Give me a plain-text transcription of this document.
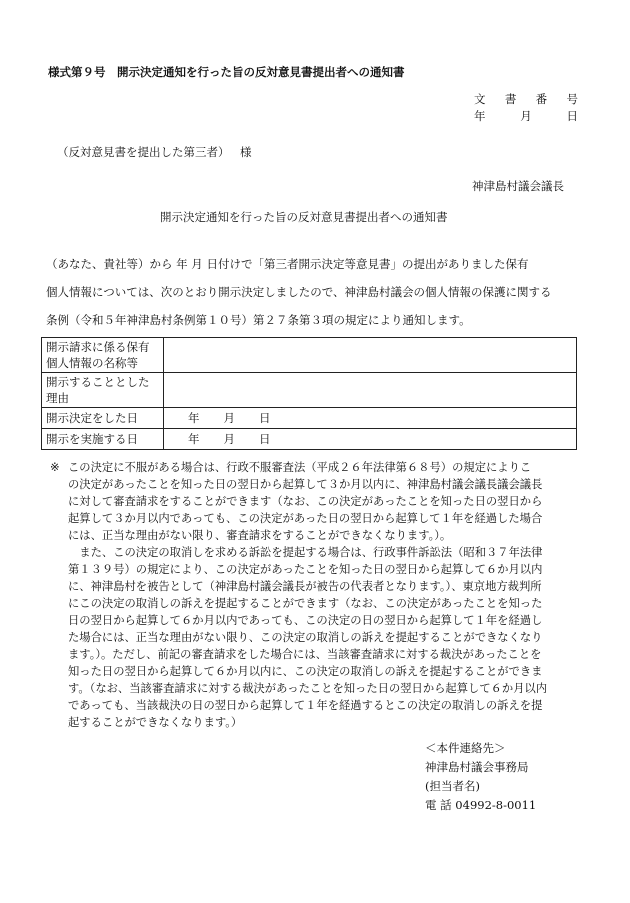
様式第９号　開示決定通知を行った旨の反対意見書提出者への通知書
文書番号
年月日
（反対意見書を提出した第三者） 様
神津島村議会議長
開示決定通知を行った旨の反対意見書提出者への通知書
（あなた、貴社等）から 年 月 日付けで「第三者開示決定等意見書」の提出がありました保有
個人情報については、次のとおり開示決定しましたので、神津島村議会の個人情報の保護に関する
条例（令和５年神津島村条例第１０号）第２７条第３項の規定により通知します。
開示請求に係る保有個人情報の名称等	
開示することとした理由	
開示決定をした日	年 月 日
開示を実施する日	年 月 日
※ この決定に不服がある場合は、行政不服審査法（平成２６年法律第６８号）の規定によりこ
の決定があったことを知った日の翌日から起算して３か月以内に、神津島村議会議長議会議長
に対して審査請求をすることができます（なお、この決定があったことを知った日の翌日から
起算して３か月以内であっても、この決定があった日の翌日から起算して１年を経過した場合
には、正当な理由がない限り、審査請求をすることができなくなります。）。
　また、この決定の取消しを求める訴訟を提起する場合は、行政事件訴訟法（昭和３７年法律
第１３９号）の規定により、この決定があったことを知った日の翌日から起算して６か月以内
に、神津島村を被告として（神津島村議会議長が被告の代表者となります。）、東京地方裁判所
にこの決定の取消しの訴えを提起することができます（なお、この決定があったことを知った
日の翌日から起算して６か月以内であっても、この決定の日の翌日から起算して１年を経過し
た場合には、正当な理由がない限り、この決定の取消しの訴えを提起することができなくなり
ます。）。ただし、前記の審査請求をした場合には、当該審査請求に対する裁決があったことを
知った日の翌日から起算して６か月以内に、この決定の取消しの訴えを提起することができま
す。（なお、当該審査請求に対する裁決があったことを知った日の翌日から起算して６か月以内
であっても、当該裁決の日の翌日から起算して１年を経過するとこの決定の取消しの訴えを提
起することができなくなります。）
＜本件連絡先＞
神津島村議会事務局
(担当者名)
電 話 04992-8-0011
